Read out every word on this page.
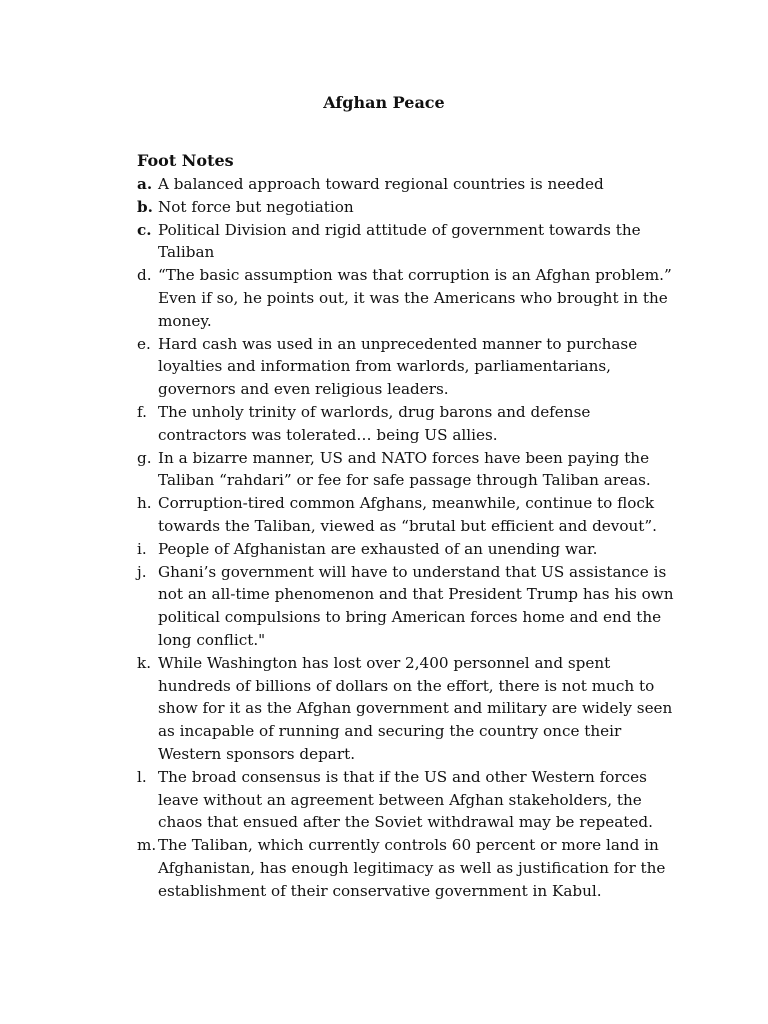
Afghan Peace
Foot Notes
a. A balanced approach toward regional countries is needed
b. Not force but negotiation
c. Political Division and rigid attitude of government towards the Taliban
d. “The basic assumption was that corruption is an Afghan problem.” Even if so, he points out, it was the Americans who brought in the money.
e. Hard cash was used in an unprecedented manner to purchase loyalties and information from warlords, parliamentarians, governors and even religious leaders.
f. The unholy trinity of warlords, drug barons and defense contractors was tolerated… being US allies.
g. In a bizarre manner, US and NATO forces have been paying the Taliban “rahdari” or fee for safe passage through Taliban areas.
h. Corruption-tired common Afghans, meanwhile, continue to flock towards the Taliban, viewed as “brutal but efficient and devout”.
i. People of Afghanistan are exhausted of an unending war.
j. Ghani’s government will have to understand that US assistance is not an all-time phenomenon and that President Trump has his own political compulsions to bring American forces home and end the long conflict."
k. While Washington has lost over 2,400 personnel and spent hundreds of billions of dollars on the effort, there is not much to show for it as the Afghan government and military are widely seen as incapable of running and securing the country once their Western sponsors depart.
l. The broad consensus is that if the US and other Western forces leave without an agreement between Afghan stakeholders, the chaos that ensued after the Soviet withdrawal may be repeated.
m. The Taliban, which currently controls 60 percent or more land in Afghanistan, has enough legitimacy as well as justification for the establishment of their conservative government in Kabul.
